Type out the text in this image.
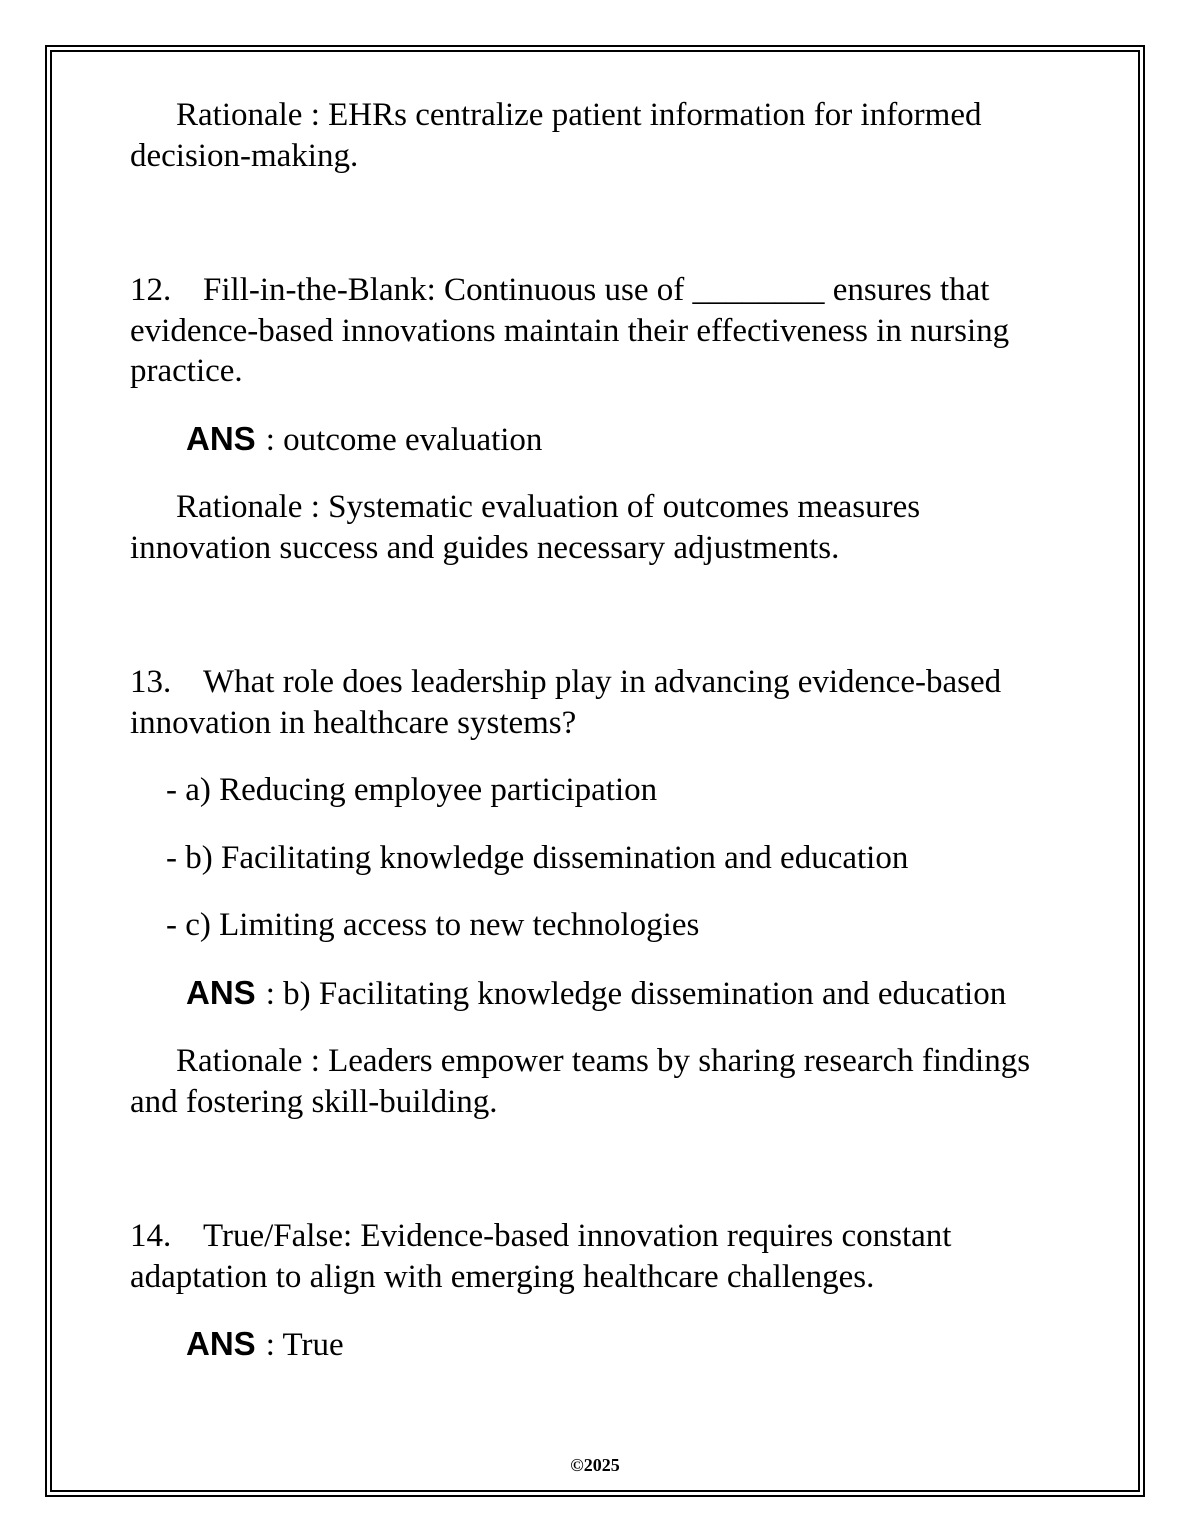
Rationale : EHRs centralize patient information for informed decision-making.

12. Fill-in-the-Blank: Continuous use of ________ ensures that evidence-based innovations maintain their effectiveness in nursing practice.

ANS : outcome evaluation

Rationale : Systematic evaluation of outcomes measures innovation success and guides necessary adjustments.

13. What role does leadership play in advancing evidence-based innovation in healthcare systems?

- a) Reducing employee participation

- b) Facilitating knowledge dissemination and education

- c) Limiting access to new technologies

ANS : b) Facilitating knowledge dissemination and education

Rationale : Leaders empower teams by sharing research findings and fostering skill-building.

14. True/False: Evidence-based innovation requires constant adaptation to align with emerging healthcare challenges.

ANS : True

©2025
